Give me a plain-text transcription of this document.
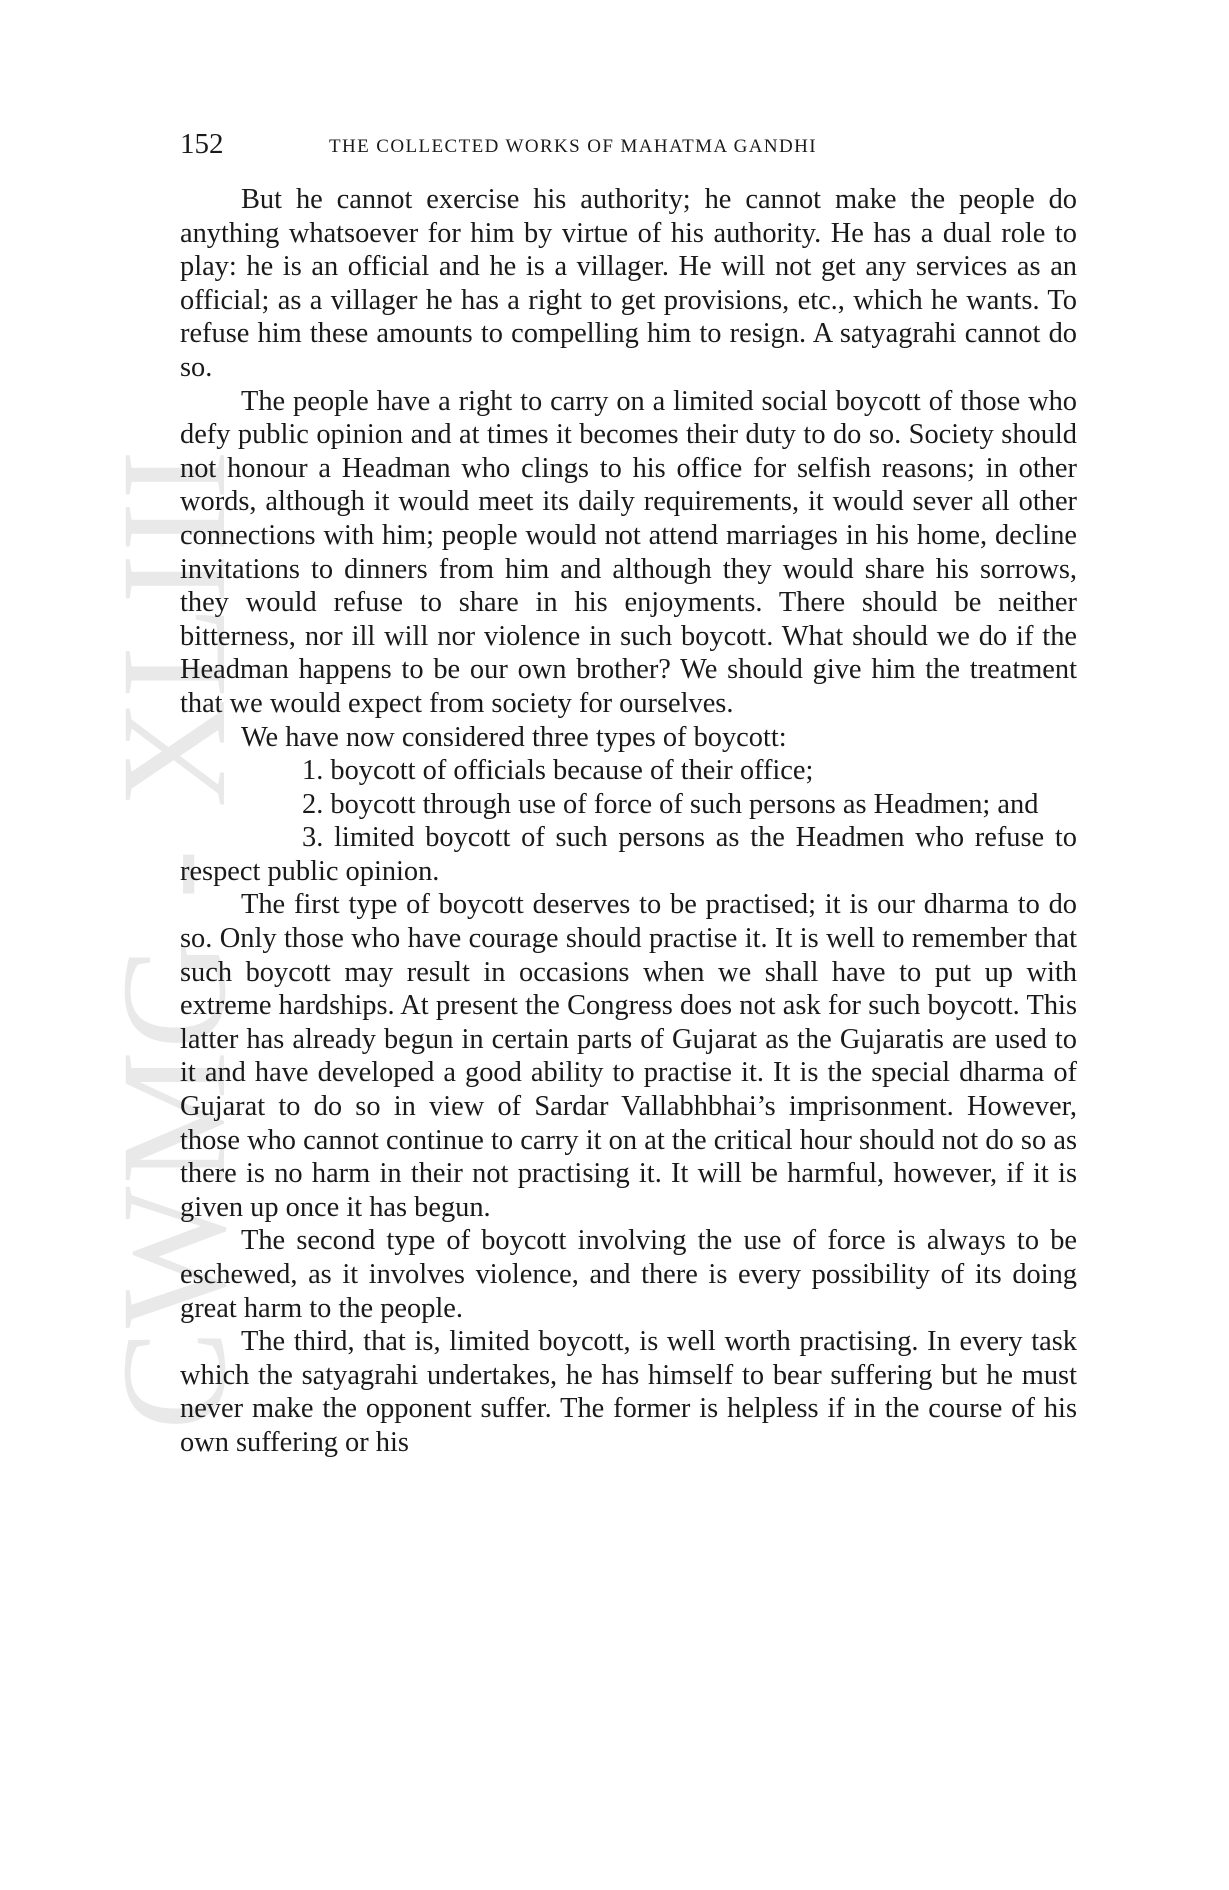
CWMG - XLIII
152	THE COLLECTED WORKS OF MAHATMA GANDHI

But he cannot exercise his authority; he cannot make the people do anything whatsoever for him by virtue of his authority. He has a dual role to play: he is an official and he is a villager. He will not get any services as an official; as a villager he has a right to get provisions, etc., which he wants. To refuse him these amounts to compelling him to resign. A satyagrahi cannot do so.

The people have a right to carry on a limited social boycott of those who defy public opinion and at times it becomes their duty to do so. Society should not honour a Headman who clings to his office for selfish reasons; in other words, although it would meet its daily requirements, it would sever all other connections with him; people would not attend marriages in his home, decline invitations to dinners from him and although they would share his sorrows, they would refuse to share in his enjoyments. There should be neither bitterness, nor ill will nor violence in such boycott. What should we do if the Headman happens to be our own brother? We should give him the treatment that we would expect from society for ourselves.

We have now considered three types of boycott:

1. boycott of officials because of their office;

2. boycott through use of force of such persons as Headmen; and

3. limited boycott of such persons as the Headmen who refuse to respect public opinion.

The first type of boycott deserves to be practised; it is our dharma to do so. Only those who have courage should practise it. It is well to remember that such boycott may result in occasions when we shall have to put up with extreme hardships. At present the Congress does not ask for such boycott. This latter has already begun in certain parts of Gujarat as the Gujaratis are used to it and have developed a good ability to practise it. It is the special dharma of Gujarat to do so in view of Sardar Vallabhbhai’s imprisonment. However, those who cannot continue to carry it on at the critical hour should not do so as there is no harm in their not practising it. It will be harmful, however, if it is given up once it has begun.

The second type of boycott involving the use of force is always to be eschewed, as it involves violence, and there is every possibility of its doing great harm to the people.

The third, that is, limited boycott, is well worth practising. In every task which the satyagrahi undertakes, he has himself to bear suffering but he must never make the opponent suffer. The former is helpless if in the course of his own suffering or his
